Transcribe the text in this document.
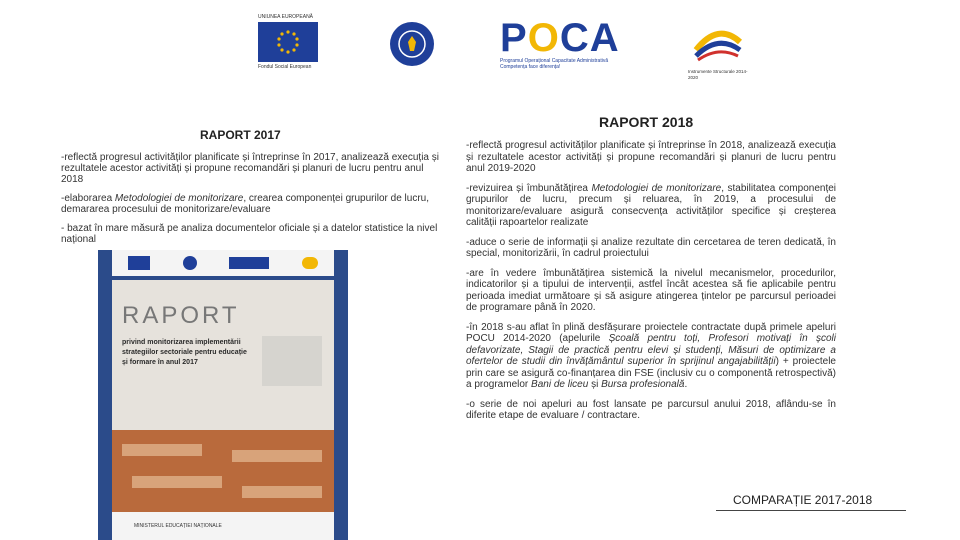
UNIUNEA EUROPEANĂ
Fondul Social European
POCA
Programul Operațional Capacitate Administrativă
Competența face diferența!
Instrumente Structurale 2014-2020
RAPORT 2017
RAPORT 2018

-reflectă progresul activităților planificate și întreprinse în 2017, analizează execuția și rezultatele acestor activități și propune recomandări și planuri de lucru pentru anul 2018

-elaborarea Metodologiei de monitorizare, crearea componenței grupurilor de lucru, demararea procesului de monitorizare/evaluare

- bazat în mare măsură pe analiza documentelor oficiale și a datelor statistice la nivel național

RAPORT
privind monitorizarea implementării strategiilor sectoriale pentru educație și formare în anul 2017
MINISTERUL EDUCAȚIEI NAȚIONALE

-reflectă progresul activităților planificate și întreprinse în 2018, analizează execuția și rezultatele acestor activități și propune recomandări și planuri de lucru pentru anul 2019-2020

-revizuirea și îmbunătățirea Metodologiei de monitorizare, stabilitatea componenței grupurilor de lucru, precum și reluarea, în 2019, a procesului de monitorizare/evaluare asigură consecvența activităților specifice și creșterea calității rapoartelor realizate

-aduce o serie de informații și analize rezultate din cercetarea de teren dedicată, în special, monitorizării, în cadrul proiectului

-are în vedere îmbunătățirea sistemică la nivelul mecanismelor, procedurilor, indicatorilor și a tipului de intervenții, astfel încât acestea să fie aplicabile pentru perioada imediat următoare și să asigure atingerea țintelor pe parcursul perioadei de programare până în 2020.

-în 2018 s-au aflat în plină desfășurare proiectele contractate după primele apeluri POCU 2014-2020 (apelurile Școală pentru toți, Profesori motivați în școli defavorizate, Stagii de practică pentru elevi și studenți, Măsuri de optimizare a ofertelor de studii din învățământul superior în sprijinul angajabilității) + proiectele prin care se asigură co-finanțarea din FSE (inclusiv cu o componentă retrospectivă) a programelor Bani de liceu și Bursa profesională.

-o serie de noi apeluri au fost lansate pe parcursul anului 2018, aflându-se în diferite etape de evaluare / contractare.

COMPARAȚIE 2017-2018
